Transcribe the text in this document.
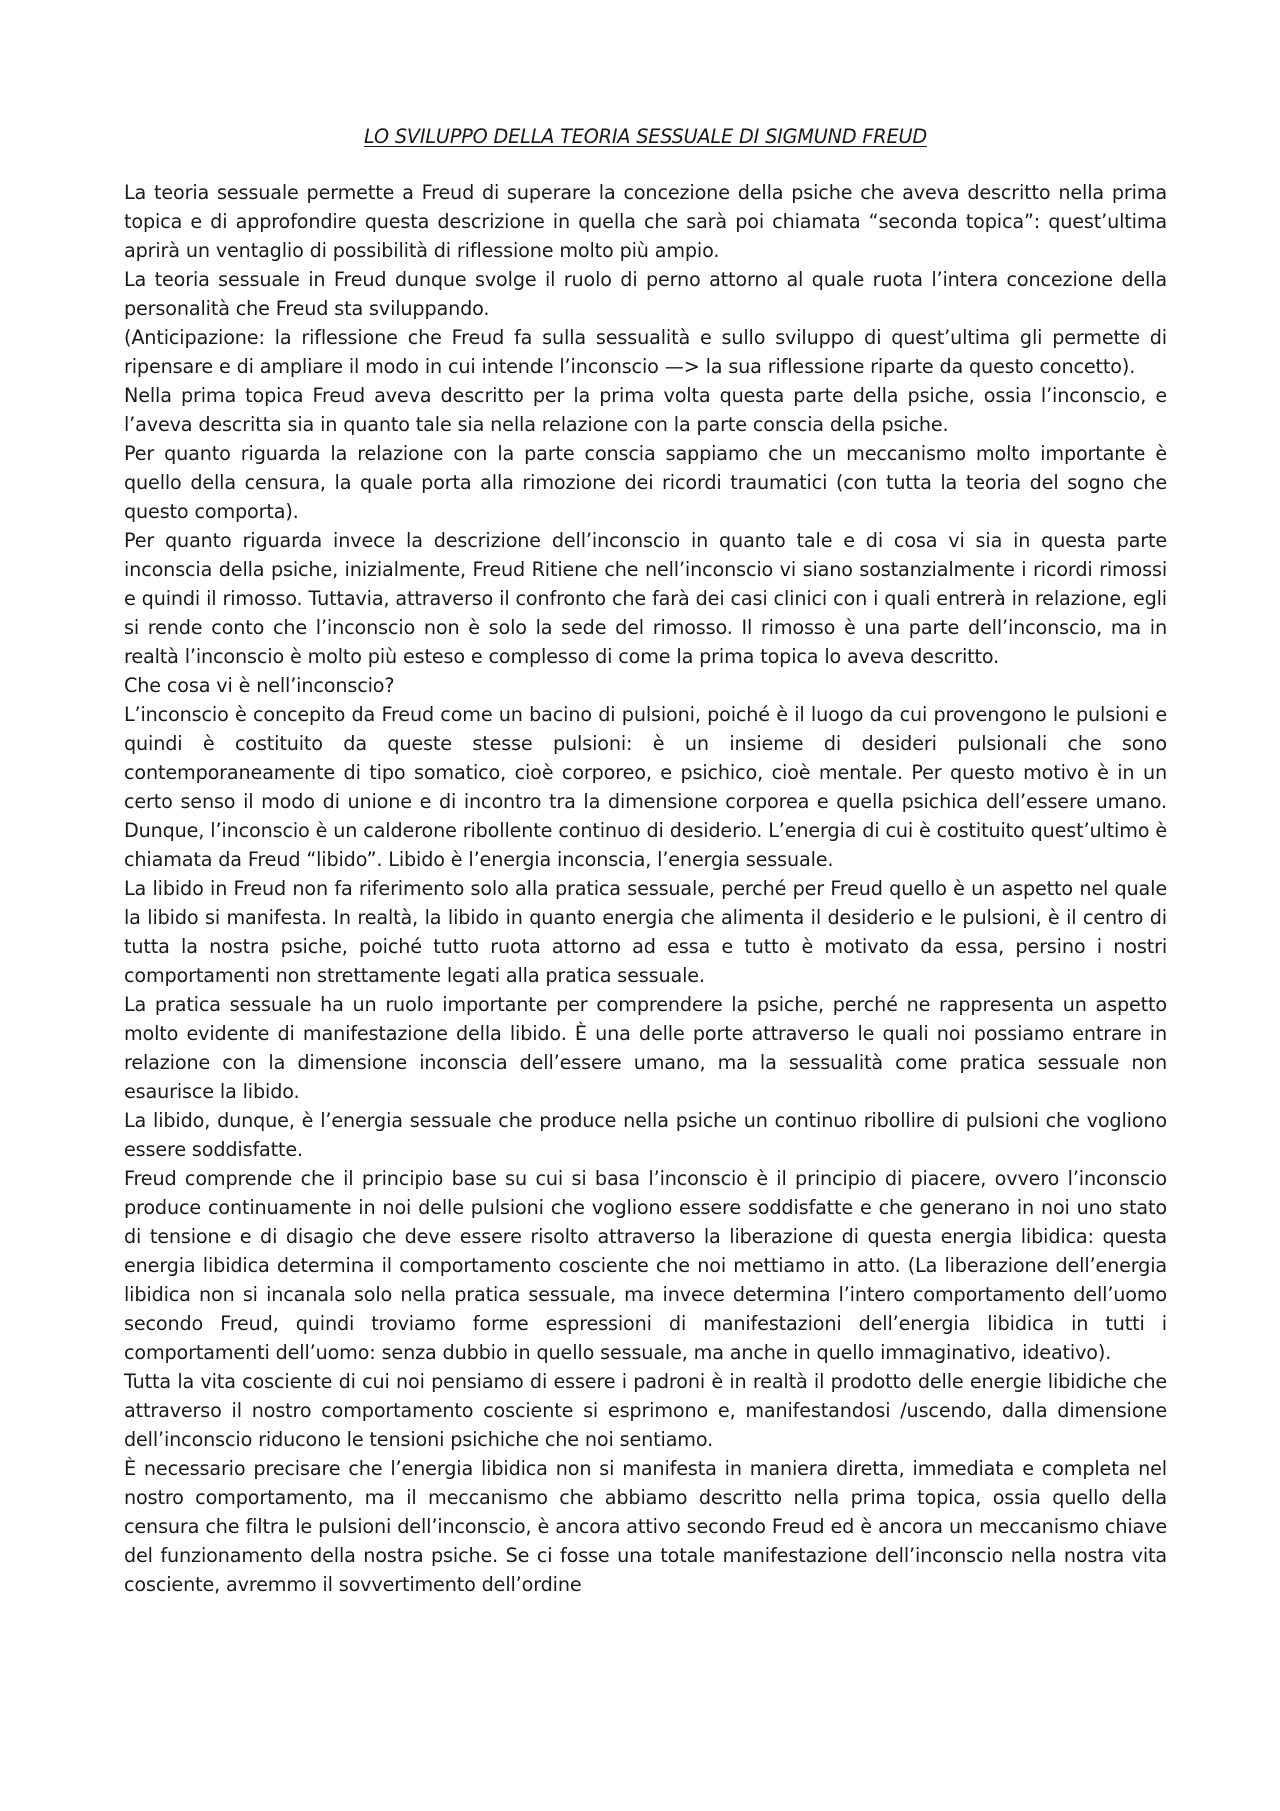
LO SVILUPPO DELLA TEORIA SESSUALE DI SIGMUND FREUD

La teoria sessuale permette a Freud di superare la concezione della psiche che aveva descritto nella prima topica e di approfondire questa descrizione in quella che sarà poi chiamata “seconda topica”: quest’ultima aprirà un ventaglio di possibilità di riflessione molto più ampio.

La teoria sessuale in Freud dunque svolge il ruolo di perno attorno al quale ruota l’intera concezione della personalità che Freud sta sviluppando.

(Anticipazione: la riflessione che Freud fa sulla sessualità e sullo sviluppo di quest’ultima gli permette di ripensare e di ampliare il modo in cui intende l’inconscio —> la sua riflessione riparte da questo concetto).

Nella prima topica Freud aveva descritto per la prima volta questa parte della psiche, ossia l’inconscio, e l’aveva descritta sia in quanto tale sia nella relazione con la parte conscia della psiche.

Per quanto riguarda la relazione con la parte conscia sappiamo che un meccanismo molto importante è quello della censura, la quale porta alla rimozione dei ricordi traumatici (con tutta la teoria del sogno che questo comporta).

Per quanto riguarda invece la descrizione dell’inconscio in quanto tale e di cosa vi sia in questa parte inconscia della psiche, inizialmente, Freud Ritiene che nell’inconscio vi siano sostanzialmente i ricordi rimossi e quindi il rimosso. Tuttavia, attraverso il confronto che farà dei casi clinici con i quali entrerà in relazione, egli si rende conto che l’inconscio non è solo la sede del rimosso. Il rimosso è una parte dell’inconscio, ma in realtà l’inconscio è molto più esteso e complesso di come la prima topica lo aveva descritto.

Che cosa vi è nell’inconscio?

L’inconscio è concepito da Freud come un bacino di pulsioni, poiché è il luogo da cui provengono le pulsioni e quindi è costituito da queste stesse pulsioni: è un insieme di desideri pulsionali che sono contemporaneamente di tipo somatico, cioè corporeo, e psichico, cioè mentale. Per questo motivo è in un certo senso il modo di unione e di incontro tra la dimensione corporea e quella psichica dell’essere umano. Dunque, l’inconscio è un calderone ribollente continuo di desiderio. L’energia di cui è costituito quest’ultimo è chiamata da Freud “libido”. Libido è l’energia inconscia, l’energia sessuale.

La libido in Freud non fa riferimento solo alla pratica sessuale, perché per Freud quello è un aspetto nel quale la libido si manifesta. In realtà, la libido in quanto energia che alimenta il desiderio e le pulsioni, è il centro di tutta la nostra psiche, poiché tutto ruota attorno ad essa e tutto è motivato da essa, persino i nostri comportamenti non strettamente legati alla pratica sessuale.

La pratica sessuale ha un ruolo importante per comprendere la psiche, perché ne rappresenta un aspetto molto evidente di manifestazione della libido. È una delle porte attraverso le quali noi possiamo entrare in relazione con la dimensione inconscia dell’essere umano, ma la sessualità come pratica sessuale non esaurisce la libido.

La libido, dunque, è l’energia sessuale che produce nella psiche un continuo ribollire di pulsioni che vogliono essere soddisfatte.

Freud comprende che il principio base su cui si basa l’inconscio è il principio di piacere, ovvero l’inconscio produce continuamente in noi delle pulsioni che vogliono essere soddisfatte e che generano in noi uno stato di tensione e di disagio che deve essere risolto attraverso la liberazione di questa energia libidica: questa energia libidica determina il comportamento cosciente che noi mettiamo in atto. (La liberazione dell’energia libidica non si incanala solo nella pratica sessuale, ma invece determina l’intero comportamento dell’uomo secondo Freud, quindi troviamo forme espressioni di manifestazioni dell’energia libidica in tutti i comportamenti dell’uomo: senza dubbio in quello sessuale, ma anche in quello immaginativo, ideativo).

Tutta la vita cosciente di cui noi pensiamo di essere i padroni è in realtà il prodotto delle energie libidiche che attraverso il nostro comportamento cosciente si esprimono e, manifestandosi /uscendo, dalla dimensione dell’inconscio riducono le tensioni psichiche che noi sentiamo.

È necessario precisare che l’energia libidica non si manifesta in maniera diretta, immediata e completa nel nostro comportamento, ma il meccanismo che abbiamo descritto nella prima topica, ossia quello della censura che filtra le pulsioni dell’inconscio, è ancora attivo secondo Freud ed è ancora un meccanismo chiave del funzionamento della nostra psiche. Se ci fosse una totale manifestazione dell’inconscio nella nostra vita cosciente, avremmo il sovvertimento dell’ordine
